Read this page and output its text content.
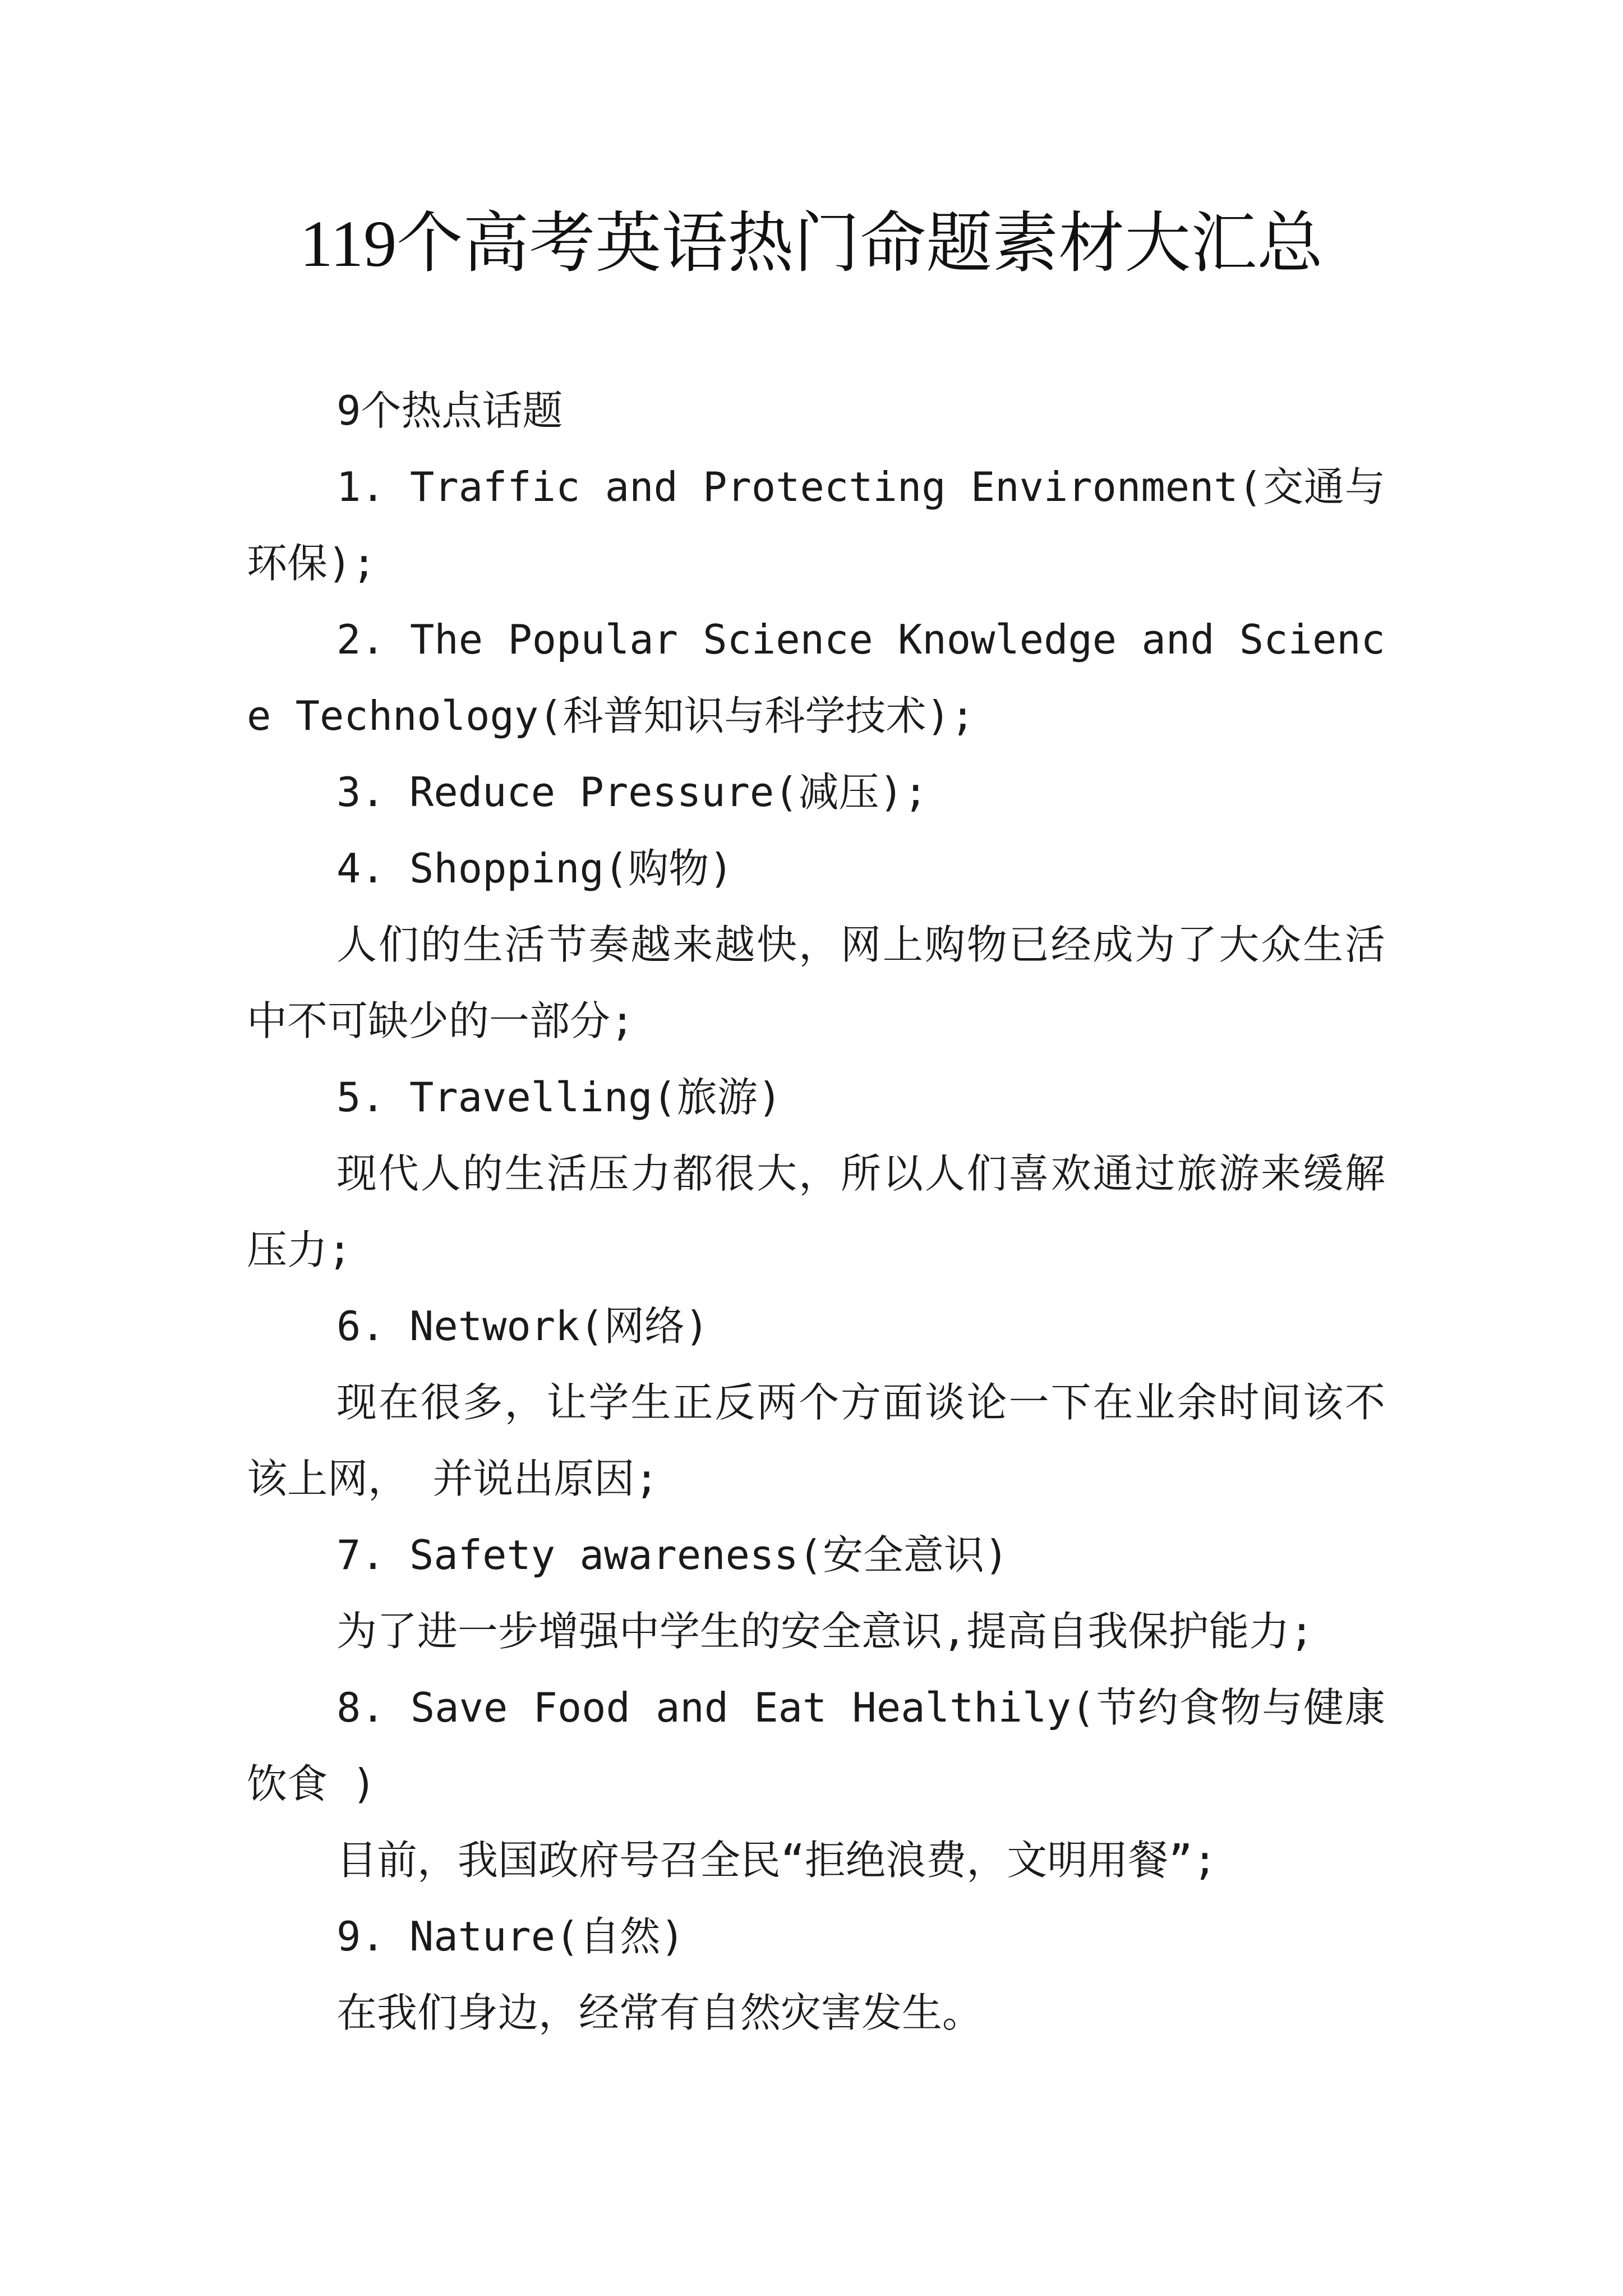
119个高考英语热门命题素材大汇总

9个热点话题

1. Traffic and Protecting Environment(交通与环保);

2. The Popular Science Knowledge and Science Technology(科普知识与科学技术);

3. Reduce Pressure(减压);

4. Shopping(购物)

人们的生活节奏越来越快，网上购物已经成为了大众生活中不可缺少的一部分;

5. Travelling(旅游)

现代人的生活压力都很大，所以人们喜欢通过旅游来缓解压力;

6. Network(网络)

现在很多，让学生正反两个方面谈论一下在业余时间该不该上网， 并说出原因;

7. Safety awareness(安全意识)

为了进一步增强中学生的安全意识,提高自我保护能力;

8. Save Food and Eat Healthily(节约食物与健康饮食 )

目前，我国政府号召全民“拒绝浪费，文明用餐”;

9. Nature(自然)

在我们身边，经常有自然灾害发生。
